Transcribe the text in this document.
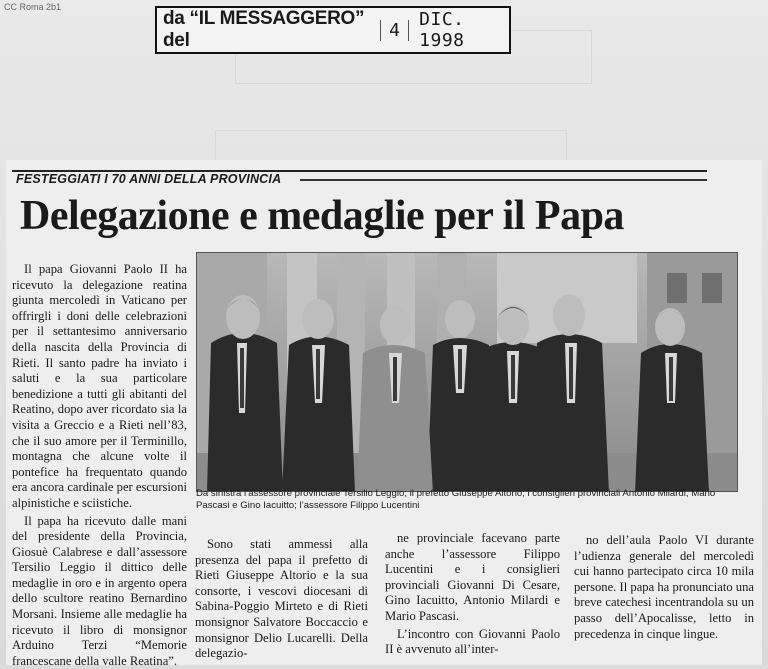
CC Roma 2b1
da “IL MESSAGGERO” del	4	DIC. 1998
FESTEGGIATI I 70 ANNI DELLA PROVINCIA
Delegazione e medaglie per il Papa

Il papa Giovanni Paolo II ha ricevuto la delegazione reatina giunta mercoledì in Vaticano per offrirgli i doni delle celebrazioni per il settantesimo anniversario della nascita della Provincia di Rieti. Il santo padre ha inviato i saluti e la sua particolare benedizione a tutti gli abitanti del Reatino, dopo aver ricordato sia la visita a Greccio e a Rieti nell’83, che il suo amore per il Terminillo, montagna che alcune volte il pontefice ha frequentato quando era ancora cardinale per escursioni alpinistiche e sciistiche.

Il papa ha ricevuto dalle mani del presidente della Provincia, Giosuè Calabrese e dall’assessore Tersilio Leggio il dittico delle medaglie in oro e in argento opera dello scultore reatino Bernardino Morsani. Insieme alle medaglie ha ricevuto il libro di monsignor Arduino Terzi “Memorie francescane della valle Reatina”.

Da sinistra l’assessore provinciale Tersilio Leggio; il prefetto Giuseppe Altorio; i consiglieri provinciali Antonio Milardi, Mario Pascasi e Gino Iacuitto; l’assessore Filippo Lucentini

Sono stati ammessi alla presenza del papa il prefetto di Rieti Giuseppe Altorio e la sua consorte, i vescovi diocesani di Sabina-Poggio Mirteto e di Rieti monsignor Salvatore Boccaccio e monsignor Delio Lucarelli. Della delegazio-

ne provinciale facevano parte anche l’assessore Filippo Lucentini e i consiglieri provinciali Giovanni Di Cesare, Gino Iacuitto, Antonio Milardi e Mario Pascasi.

L’incontro con Giovanni Paolo II è avvenuto all’inter-

no dell’aula Paolo VI durante l’udienza generale del mercoledì cui hanno partecipato circa 10 mila persone. Il papa ha pronunciato una breve catechesi incentrandola su un passo dell’Apocalisse, letto in precedenza in cinque lingue.
